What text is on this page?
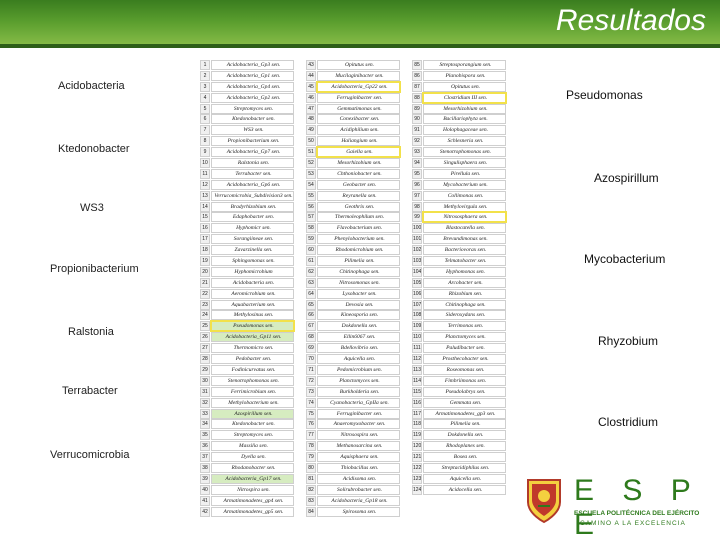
Resultados
Acidobacteria
Ktedonobacter
WS3
Propionibacterium
Ralstonia
Terrabacter
Verrucomicrobia
Pseudomonas
Azospirillum
Mycobacterium
Rhyzobium
Clostridium
1	Acidobacteria_Gp3 sen.	43	Opitutus sen.	85	Streptosporangium sen.
2	Acidobacteria_Gp1 sen.	44	Mucilaginibacter sen.	86	Planobispora sen.
3	Acidobacteria_Gp4 sen.	45	Acidobacteria_Gp22 sen.	87	Opitutus sen.
4	Acidobacteria_Gp2 sen.	46	Ferruginibacter sen.	88	Clostridium III sen.
5	Streptomyces sen.	47	Gemmatimonas sen.	89	Mesorhizobium sen.
6	Ktedonobacter sen.	48	Conexibacter sen.	90	Bacillariophyta sen.
7	WS3 sen.	49	Acidiphilium sen.	91	Holophagaceae sen.
8	Propionibacterium sen.	50	Haliangium sen.	92	Schlesneria sen.
9	Acidobacteria_Gp7 sen.	51	Gaiella sen.	93	Stenotrophomonas sen.
10	Ralstonia sen.	52	Mesorhizobium sen.	94	Singulisphaera sen.
11	Terrabacter sen.	53	Chthoniobacter sen.	95	Pirellula sen.
12	Acidobacteria_Gp6 sen.	54	Geobacter sen.	96	Mycobacterium sen.
13	Verrucomicrobia_Subdivision3 sen.	55	Reyranella sen.	97	Collimonas sen.
14	Bradyrhizobium sen.	56	Geothrix sen.	98	Methylovirgula sen.
15	Edaphobacter sen.	57	Thermoleophilum sen.	99	Nitrososphaera sen.
16	Hyphomicr sen.	58	Flavobacterium sen.	100	Blastocatella sen.
17	Sorangiineae sen.	59	Phenylobacterium sen.	101	Brevundimonas sen.
18	Zavarzinella sen.	60	Rhodomicrobium sen.	102	Bacteriovorax sen.
19	Sphingomonas sen.	61	Pilimelia sen.	103	Telmatobacter sen.
20	Hyphomicrobium	62	Chitinophaga sen.	104	Hyphomonas sen.
21	Acidobacteria sen.	63	Nitrosomonas sen.	105	Arcobacter sen.
22	Aeromicrobium sen.	64	Lysobacter sen.	106	Rhizobium sen.
23	Aquabacterium sen.	65	Devosia sen.	107	Chitinophaga sen.
24	Methylosinus sen.	66	Kineosporia sen.	108	Sideroxydans sen.
25	Pseudomonas sen.	67	Dokdonella sen.	109	Terrimonas sen.
26	Acidobacteria_Gp11 sen.	68	Ellin6067 sen.	110	Planctomyces sen.
27	Thermomicro sen.	69	Bdellovibrio sen.	111	Paludibacter sen.
28	Pedobacter sen.	70	Aquicella sen.	112	Prosthecobacter sen.
29	Fodinicurvatus sen.	71	Pedomicrobium sen.	113	Roseomonas sen.
30	Stenotrophomonas sen.	72	Planctomyces sen.	114	Fimbriimonas sen.
31	Ferrimicrobium sen.	73	Burkholderia sen.	115	Pseudolabrys sen.
32	Methylobacterium sen.	74	Cyanobacteria_GpIIa sen.	116	Gemmata sen.
33	Azospirillum sen.	75	Ferruginibacter sen.	117	Armatimonadetes_gp3 sen.
34	Ktedonobacter sen.	76	Anaeromyxobacter sen.	118	Pilimelia sen.
35	Streptomyces sen.	77	Nitrosospira sen.	119	Dokdonella sen.
36	Massilia sen.	78	Methanosarcina sen.	120	Rhodoplanes sen.
37	Dyella sen.	79	Aquisphaera sen.	121	Bosea sen.
38	Rhodanobacter sen.	80	Thiobacillus sen.	122	Streptacidiphilus sen.
39	Acidobacteria_Gp17 sen.	81	Acidisoma sen.	123	Aquicella sen.
40	Nitrospira sen.	82	Solirubrobacter sen.	124	Acidocella sen.
41	Armatimonadetes_gp4 sen.	83	Acidobacteria_Gp18 sen.
42	Armatimonadetes_gp5 sen.	84	Spirosoma sen.
E S P E
ESCUELA POLITÉCNICA DEL EJÉRCITO
CAMINO A LA EXCELENCIA
